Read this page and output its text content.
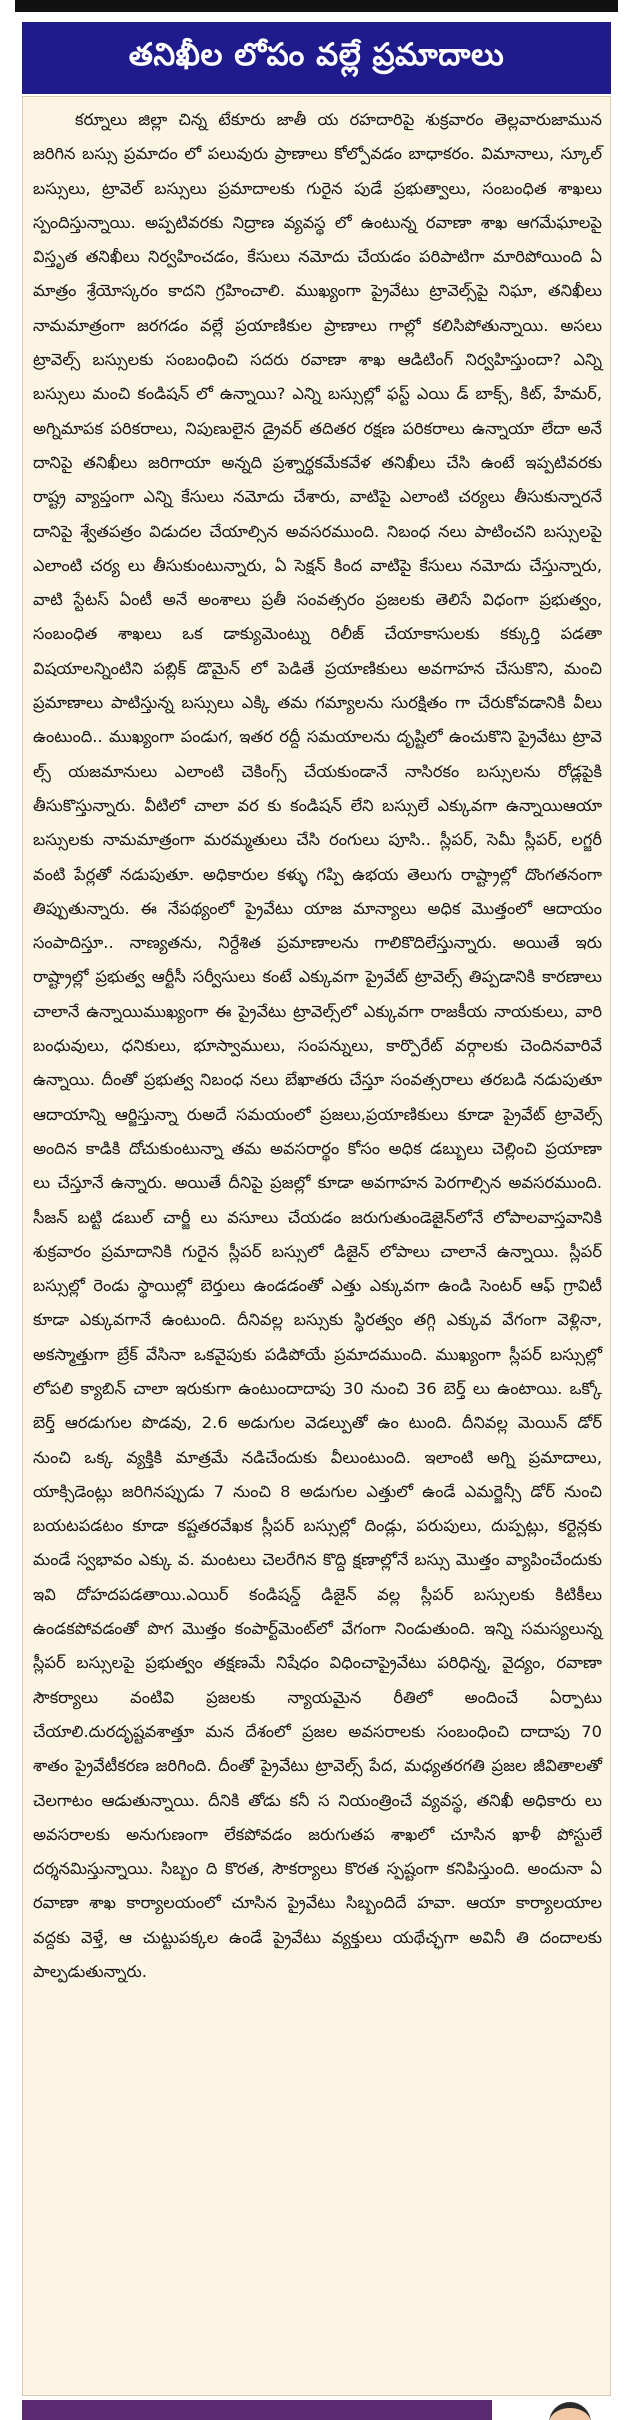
తనిఖీల లోపం వల్లే ప్రమాదాలు

కర్నూలు జిల్లా చిన్న టేకూరు జాతీ య రహదారిపై శుక్రవారం తెల్లవారుజామున జరిగిన బస్సు ప్రమాదం లో పలువురు ప్రాణాలు కోల్పోవడం బాధాకరం. విమానాలు, స్కూల్ బస్సులు, ట్రావెల్ బస్సులు ప్రమాదాలకు గురైన పుడే ప్రభుత్వాలు, సంబంధిత శాఖలు స్పందిస్తున్నాయి. అప్పటివరకు నిద్రాణ వ్యవస్థ లో ఉంటున్న రవాణా శాఖ ఆగమేఘాలపై విస్తృత తనిఖీలు నిర్వహించడం, కేసులు నమోదు చేయడం పరిపాటిగా మారిపోయింది ఏ మాత్రం శ్రేయోస్కరం కాదని గ్రహించాలి. ముఖ్యంగా ప్రైవేటు ట్రావెల్స్‌పై నిఘా, తనిఖీలు నామమాత్రంగా జరగడం వల్లే ప్రయాణికుల ప్రాణాలు గాల్లో కలిసిపోతున్నాయి. అసలు ట్రావెల్స్ బస్సులకు సంబంధించి సదరు రవాణా శాఖ ఆడిటింగ్ నిర్వహిస్తుందా? ఎన్ని బస్సులు మంచి కండిషన్ లో ఉన్నాయి? ఎన్ని బస్సుల్లో ఫస్ట్ ఎయి డ్ బాక్స్, కిట్, హేమర్, అగ్నిమాపక పరికరాలు, నిపుణులైన డ్రైవర్ తదితర రక్షణ పరికరాలు ఉన్నాయా లేదా అనే దానిపై తనిఖీలు జరిగాయా అన్నది ప్రశ్నార్థకమేకవేళ తనిఖీలు చేసి ఉంటే ఇప్పటివరకు రాష్ట్ర వ్యాప్తంగా ఎన్ని కేసులు నమోదు చేశారు, వాటిపై ఎలాంటి చర్యలు తీసుకున్నారనే దానిపై శ్వేతపత్రం విడుదల చేయాల్సిన అవసరముంది. నిబంధ నలు పాటించని బస్సులపై ఎలాంటి చర్య లు తీసుకుంటున్నారు, ఏ సెక్షన్ కింద వాటిపై కేసులు నమోదు చేస్తున్నారు, వాటి స్టేటస్ ఏంటీ అనే అంశాలు ప్రతీ సంవత్సరం ప్రజలకు తెలిసే విధంగా ప్రభుత్వం, సంబంధిత శాఖలు ఒక డాక్యుమెంట్ను రిలీజ్ చేయాకాసులకు కక్కుర్తి పడతా విషయాలన్నింటిని పబ్లిక్ డొమైన్ లో పెడితే ప్రయాణికులు అవగాహన చేసుకొని, మంచి ప్రమాణాలు పాటిస్తున్న బస్సులు ఎక్కి తమ గమ్యాలను సురక్షితం గా చేరుకోవడానికి వీలు ఉంటుంది.. ముఖ్యంగా పండుగ, ఇతర రద్దీ సమయాలను దృష్టిలో ఉంచుకొని ప్రైవేటు ట్రావె ల్స్ యజమానులు ఎలాంటి చెకింగ్స్ చేయకుండానే నాసిరకం బస్సులను రోడ్లపైకి తీసుకొస్తున్నారు. వీటిలో చాలా వర కు కండిషన్ లేని బస్సులే ఎక్కువగా ఉన్నాయిఆయా బస్సులకు నామమాత్రంగా మరమ్మతులు చేసి రంగులు పూసి.. స్లీపర్, సెమీ స్లీపర్, లగ్జరీ వంటి పేర్లతో నడుపుతూ. అధికారుల కళ్ళు గప్పి ఉభయ తెలుగు రాష్ట్రాల్లో దొంగతనంగా తిప్పుతున్నారు. ఈ నేపథ్యంలో ప్రైవేటు యాజ మాన్యాలు అధిక మొత్తంలో ఆదాయం సంపాదిస్తూ.. నాణ్యతను, నిర్దేశిత ప్రమాణాలను గాలికొదిలేస్తున్నారు. అయితే ఇరు రాష్ట్రాల్లో ప్రభుత్వ ఆర్టీసీ సర్వీసులు కంటే ఎక్కువగా ప్రైవేట్ ట్రావెల్స్ తిప్పడానికి కారణాలు చాలానే ఉన్నాయిముఖ్యంగా ఈ ప్రైవేటు ట్రావెల్స్‌లో ఎక్కువగా రాజకీయ నాయకులు, వారి బంధువులు, ధనికులు, భూస్వాములు, సంపన్నులు, కార్పొరేట్ వర్గాలకు చెందినవారివే ఉన్నాయి. దీంతో ప్రభుత్వ నిబంధ నలు బేఖాతరు చేస్తూ సంవత్సరాలు తరబడి నడుపుతూ ఆదాయాన్ని ఆర్జిస్తున్నా రుఅదే సమయంలో ప్రజలు,ప్రయాణికులు కూడా ప్రైవేట్ ట్రావెల్స్ అందిన కాడికి దోచుకుంటున్నా తమ అవసరార్థం కోసం అధిక డబ్బులు చెల్లించి ప్రయాణా లు చేస్తూనే ఉన్నారు. అయితే దీనిపై ప్రజల్లో కూడా అవగాహన పెరగాల్సిన అవసరముంది. సీజన్ బట్టి డబుల్ చార్జీ లు వసూలు చేయడం జరుగుతుండెజైన్‌లోనే లోపాలవాస్తవానికి శుక్రవారం ప్రమాదానికి గురైన స్లీపర్ బస్సులో డిజైన్ లోపాలు చాలానే ఉన్నాయి. స్లీపర్ బస్సుల్లో రెండు స్థాయిల్లో బెర్తులు ఉండడంతో ఎత్తు ఎక్కువగా ఉండి సెంటర్ ఆఫ్ గ్రావిటీ కూడా ఎక్కువగానే ఉంటుంది. దీనివల్ల బస్సుకు స్థిరత్వం తగ్గి ఎక్కువ వేగంగా వెళ్లినా, అకస్మాత్తుగా బ్రేక్ వేసినా ఒకవైపుకు పడిపోయే ప్రమాదముంది. ముఖ్యంగా స్లీపర్ బస్సుల్లో లోపలి క్యాబిన్ చాలా ఇరుకుగా ఉంటుందాదాపు 30 నుంచి 36 బెర్త్ లు ఉంటాయి. ఒక్కో బెర్త్ ఆరడుగుల పొడవు, 2.6 అడుగుల వెడల్పుతో ఉం టుంది. దీనివల్ల మెయిన్ డోర్ నుంచి ఒక్క వ్యక్తికి మాత్రమే నడిచేందుకు వీలుంటుంది. ఇలాంటి అగ్ని ప్రమాదాలు, యాక్సిడెంట్లు జరిగినప్పుడు 7 నుంచి 8 అడుగుల ఎత్తులో ఉండే ఎమర్జెన్సీ డోర్ నుంచి బయటపడటం కూడా కష్టతరవేఖక స్లీపర్ బస్సుల్లో దిండ్లు, పరుపులు, దుప్పట్లు, కర్టెన్లకు మండే స్వభావం ఎక్కు వ. మంటలు చెలరేగిన కొద్ది క్షణాల్లోనే బస్సు మొత్తం వ్యాపించేందుకు ఇవి దోహదపడతాయి.ఎయిర్ కండిషన్డ్ డిజైన్ వల్ల స్లీపర్ బస్సులకు కిటికీలు ఉండకపోవడంతో పొగ మొత్తం కంపార్ట్‌మెంట్‌లో వేగంగా నిండుతుంది. ఇన్ని సమస్యలున్న స్లీపర్ బస్సులపై ప్రభుత్వం తక్షణమే నిషేధం విధించాప్రైవేటు పరిధిన్న, వైద్యం, రవాణా సౌకర్యాలు వంటివి ప్రజలకు న్యాయమైన రీతిలో అందించే ఏర్పాటు చేయాలి.దురదృష్టవశాత్తూ మన దేశంలో ప్రజల అవసరాలకు సంబంధించి దాదాపు 70 శాతం ప్రైవేటీకరణ జరిగింది. దీంతో ప్రైవేటు ట్రావెల్స్ పేద, మధ్యతరగతి ప్రజల జీవితాలతో చెలగాటం ఆడుతున్నాయి. దీనికి తోడు కనీ స నియంత్రించే వ్యవస్థ, తనిఖీ అధికారు లు అవసరాలకు అనుగుణంగా లేకపోవడం జరుగుతప శాఖలో చూసిన ఖాళీ పోస్టులే దర్శనమిస్తున్నాయి. సిబ్బం ది కొరత, సౌకర్యాలు కొరత స్పష్టంగా కనిపిస్తుంది. అందునా ఏ రవాణా శాఖ కార్యాలయంలో చూసిన ప్రైవేటు సిబ్బందిదే హవా. ఆయా కార్యాలయాల వద్దకు వెళ్తే, ఆ చుట్టుపక్కల ఉండే ప్రైవేటు వ్యక్తులు యథేచ్ఛగా అవినీ తి దందాలకు పాల్పడుతున్నారు.
